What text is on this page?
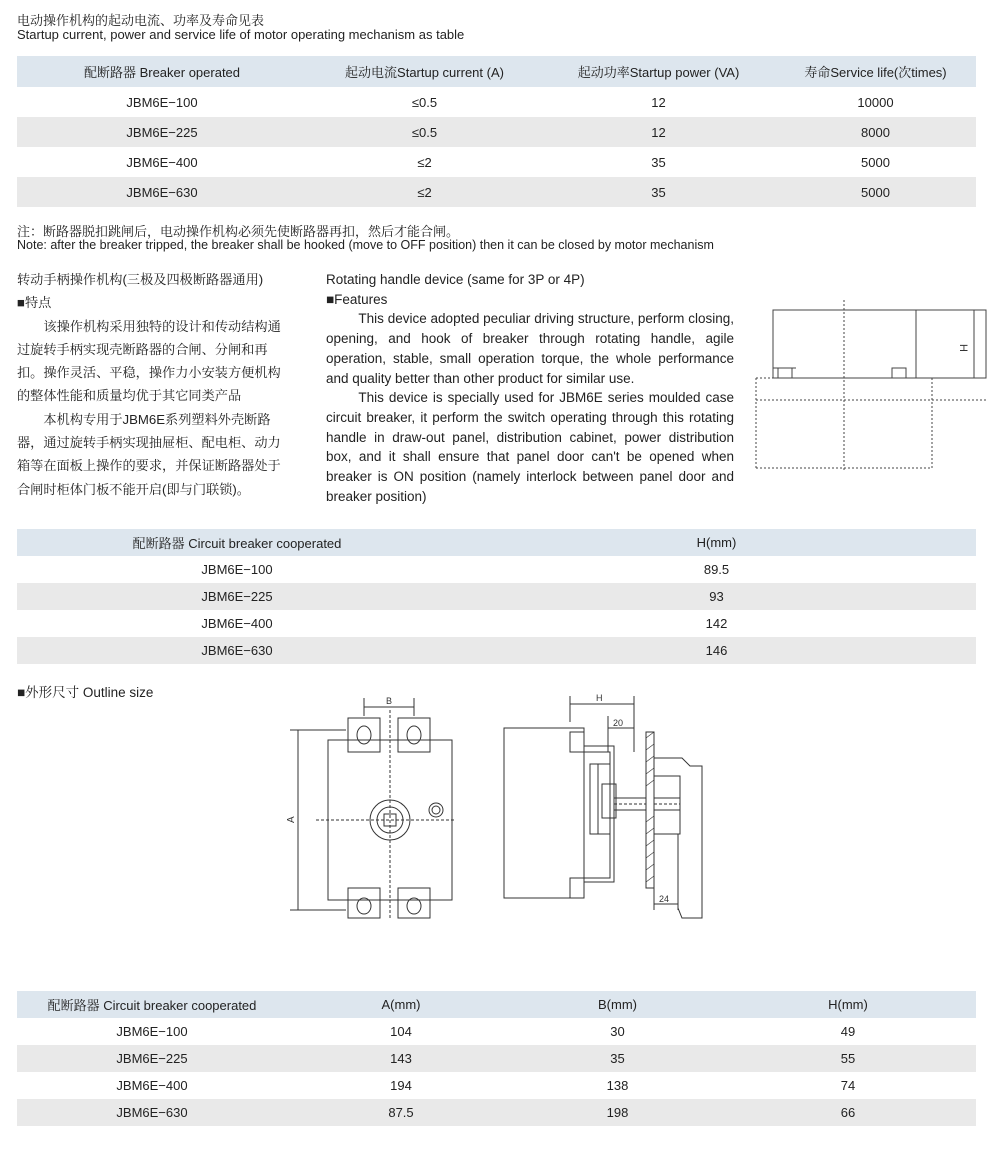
电动操作机构的起动电流、功率及寿命见表
Startup current, power and service life of motor operating mechanism as table
配断路器 Breaker operated	起动电流Startup current (A)	起动功率Startup power (VA)	寿命Service life(次times)
JBM6E−100	≤0.5	12	10000
JBM6E−225	≤0.5	12	8000
JBM6E−400	≤2	35	5000
JBM6E−630	≤2	35	5000
注：断路器脱扣跳闸后，电动操作机构必须先使断路器再扣，然后才能合闸。
Note: after the breaker tripped, the breaker shall be hooked (move to OFF position) then it can be closed by motor mechanism

转动手柄操作机构(三极及四极断路器通用)

■特点

该操作机构采用独特的设计和传动结构通过旋转手柄实现壳断路器的合闸、分闸和再扣。操作灵活、平稳，操作力小安装方便机构的整体性能和质量均优于其它同类产品

本机构专用于JBM6E系列塑料外壳断路器，通过旋转手柄实现抽屉柜、配电柜、动力箱等在面板上操作的要求，并保证断路器处于合闸时柜体门板不能开启(即与门联锁)。

Rotating handle device (same for 3P or 4P)

■Features

This device adopted peculiar driving structure, perform closing, opening, and hook of breaker through rotating handle, agile operation, stable, small operation torque, the whole performance and quality better than other product for similar use.

This device is specially used for JBM6E series moulded case circuit breaker, it perform the switch operating through this rotating handle in draw-out panel, distribution cabinet, power distribution box, and it shall ensure that panel door can't be opened when breaker is ON position (namely interlock between panel door and breaker position)

H
配断路器 Circuit breaker cooperated	H(mm)
JBM6E−100	89.5
JBM6E−225	93
JBM6E−400	142
JBM6E−630	146
■外形尺寸 Outline size
B
A
H
20
24
配断路器 Circuit breaker cooperated	A(mm)	B(mm)	H(mm)
JBM6E−100	104	30	49
JBM6E−225	143	35	55
JBM6E−400	194	138	74
JBM6E−630	87.5	198	66
